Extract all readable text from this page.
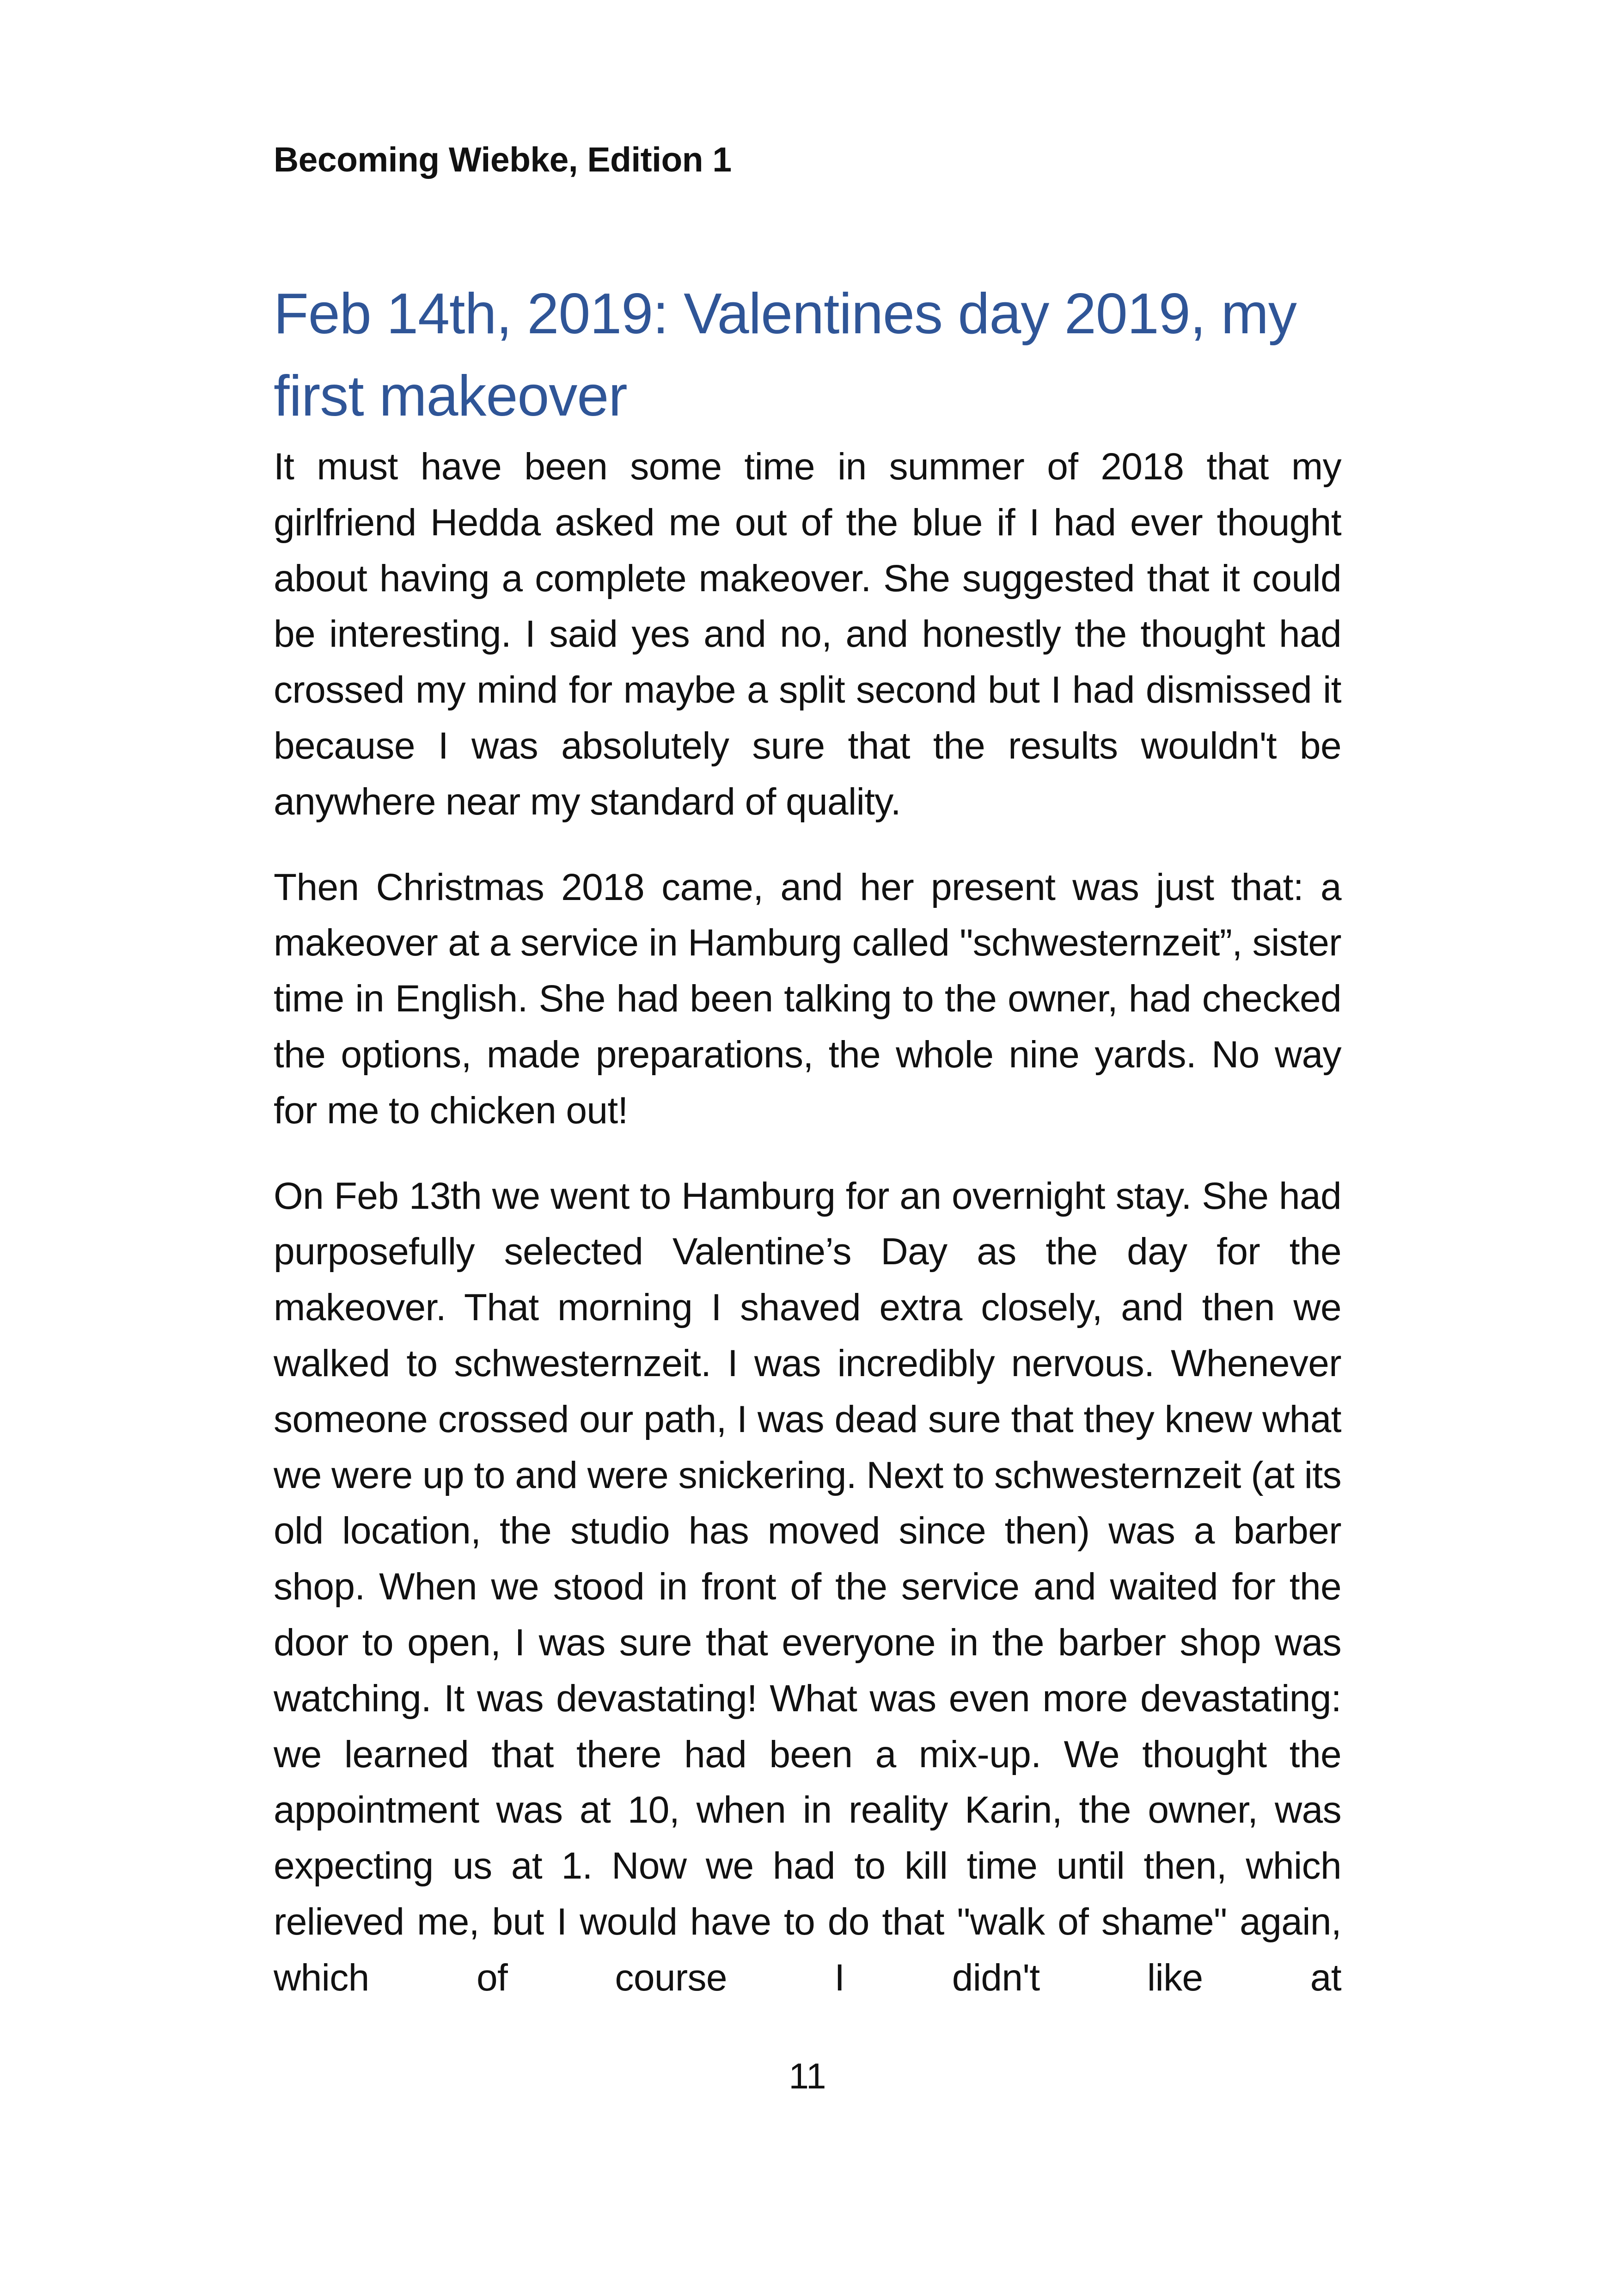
Becoming Wiebke, Edition 1
Feb 14th, 2019: Valentines day 2019, my first makeover

It must have been some time in summer of 2018 that my girlfriend Hedda asked me out of the blue if I had ever thought about having a complete makeover. She suggested that it could be interesting. I said yes and no, and honestly the thought had crossed my mind for maybe a split second but I had dismissed it because I was absolutely sure that the results wouldn't be anywhere near my standard of quality.

Then Christmas 2018 came, and her present was just that: a makeover at a service in Hamburg called "schwesternzeit”, sister time in English. She had been talking to the owner, had checked the options, made preparations, the whole nine yards. No way for me to chicken out!

On Feb 13th we went to Hamburg for an overnight stay. She had purposefully selected Valentine’s Day as the day for the makeover. That morning I shaved extra closely, and then we walked to schwesternzeit. I was incredibly nervous. Whenever someone crossed our path, I was dead sure that they knew what we were up to and were snickering. Next to schwesternzeit (at its old location, the studio has moved since then) was a barber shop. When we stood in front of the service and waited for the door to open, I was sure that everyone in the barber shop was watching. It was devastating! What was even more devastating: we learned that there had been a mix-up. We thought the appointment was at 10, when in reality Karin, the owner, was expecting us at 1. Now we had to kill time until then, which relieved me, but I would have to do that "walk of shame" again, which of course I didn't like at

11
